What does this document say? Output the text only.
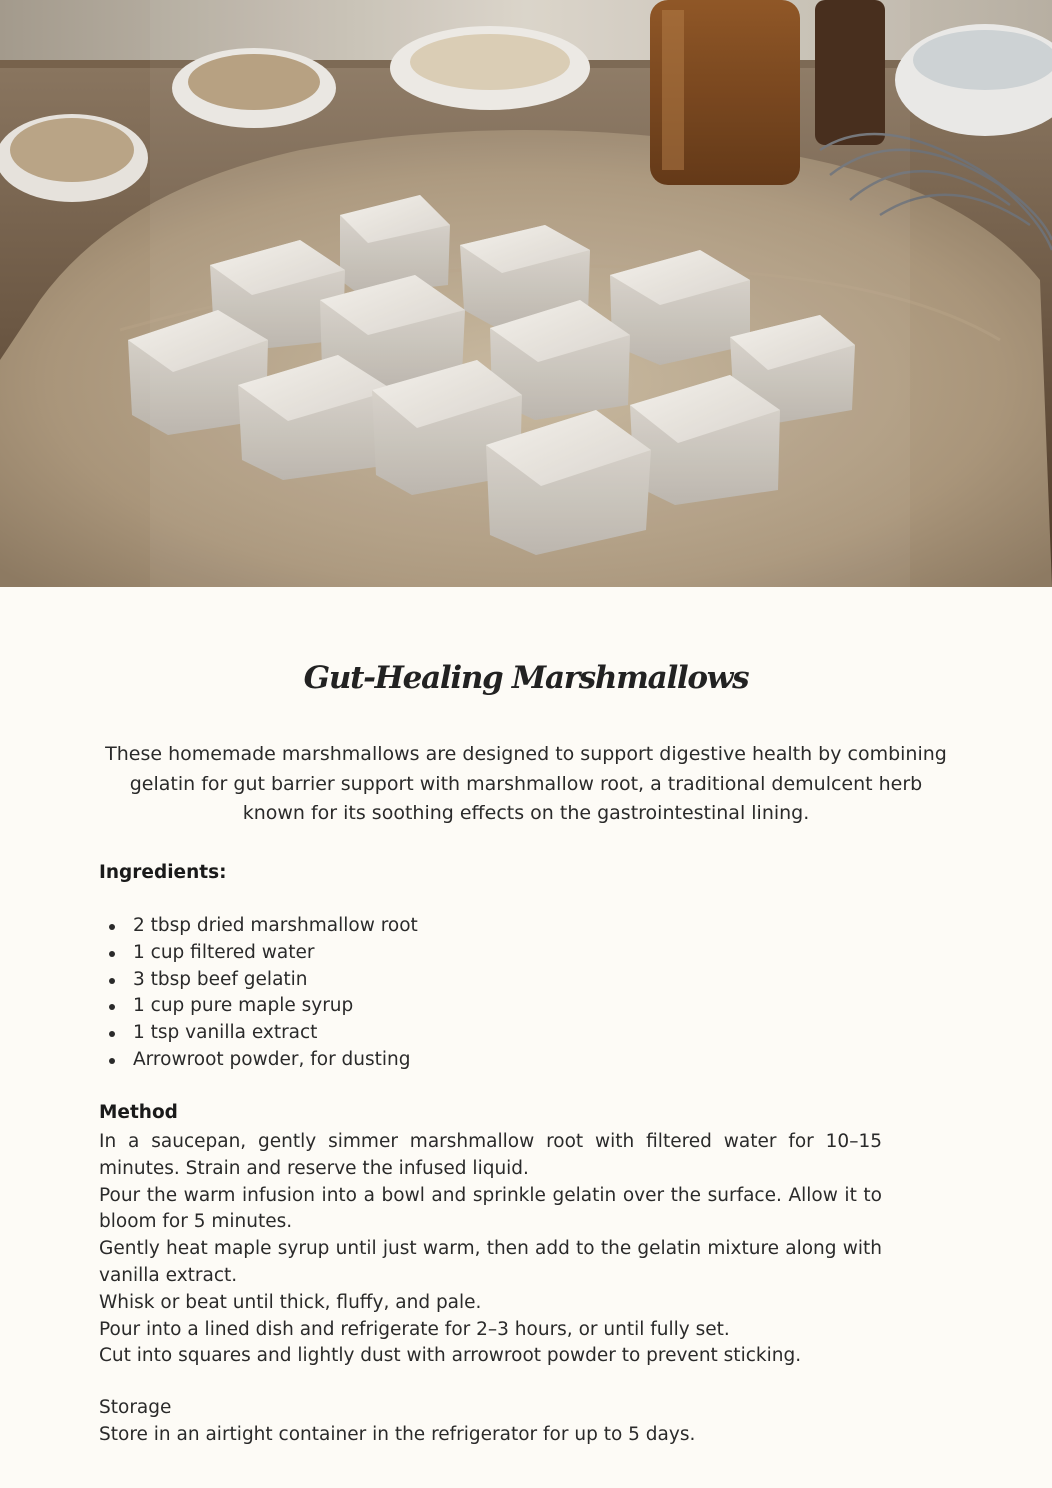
Gut-Healing Marshmallows

These homemade marshmallows are designed to support digestive health by combining gelatin for gut barrier support with marshmallow root, a traditional demulcent herb known for its soothing effects on the gastrointestinal lining.

Ingredients:

2 tbsp dried marshmallow root
1 cup filtered water
3 tbsp beef gelatin
1 cup pure maple syrup
1 tsp vanilla extract
Arrowroot powder, for dusting

Method

In a saucepan, gently simmer marshmallow root with filtered water for 10–15 minutes. Strain and reserve the infused liquid.

Pour the warm infusion into a bowl and sprinkle gelatin over the surface. Allow it to bloom for 5 minutes.

Gently heat maple syrup until just warm, then add to the gelatin mixture along with vanilla extract.

Whisk or beat until thick, fluffy, and pale.

Pour into a lined dish and refrigerate for 2–3 hours, or until fully set.

Cut into squares and lightly dust with arrowroot powder to prevent sticking.

Storage

Store in an airtight container in the refrigerator for up to 5 days.
